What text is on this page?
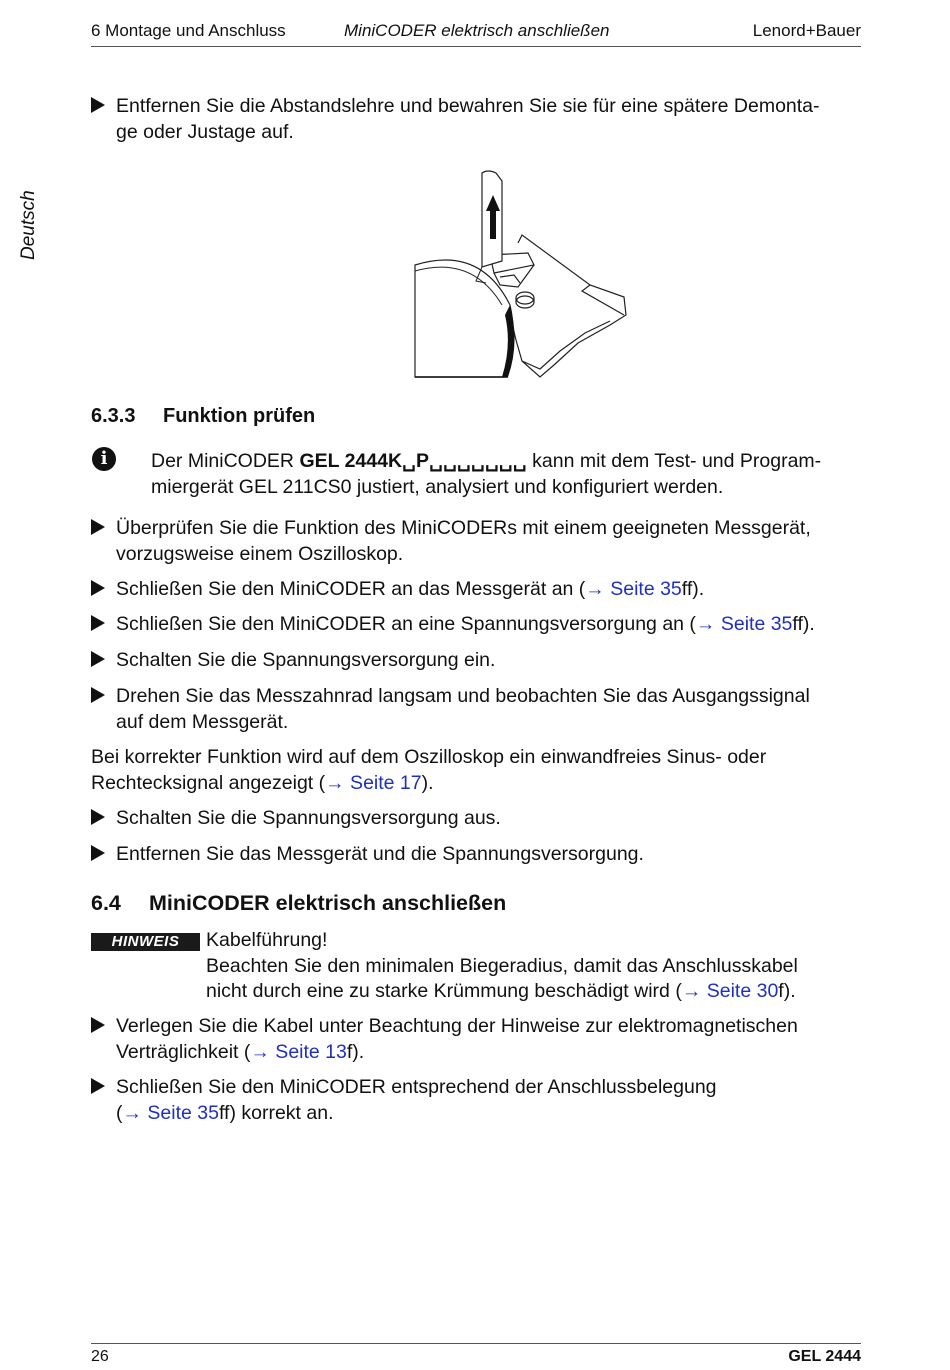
6 Montage und Anschluss	MiniCODER elektrisch anschließen	Lenord+Bauer
Deutsch
Entfernen Sie die Abstandslehre und bewahren Sie sie für eine spätere Demonta-
ge oder Justage auf.
6.3.3 Funktion prüfen
i	Der MiniCODER GEL 2444K␣P␣␣␣␣␣␣␣ kann mit dem Test- und Program-
miergerät GEL 211CS0 justiert, analysiert und konfiguriert werden.
Überprüfen Sie die Funktion des MiniCODERs mit einem geeigneten Messgerät,
vorzugsweise einem Oszilloskop.
Schließen Sie den MiniCODER an das Messgerät an (→ Seite 35ff).
Schließen Sie den MiniCODER an eine Spannungsversorgung an (→ Seite 35ff).
Schalten Sie die Spannungsversorgung ein.
Drehen Sie das Messzahnrad langsam und beobachten Sie das Ausgangssignal
auf dem Messgerät.
Bei korrekter Funktion wird auf dem Oszilloskop ein einwandfreies Sinus- oder
Rechtecksignal angezeigt (→ Seite 17).
Schalten Sie die Spannungsversorgung aus.
Entfernen Sie das Messgerät und die Spannungsversorgung.
6.4 MiniCODER elektrisch anschließen
HINWEIS	Kabelführung!
Beachten Sie den minimalen Biegeradius, damit das Anschlusskabel
nicht durch eine zu starke Krümmung beschädigt wird (→ Seite 30f).
Verlegen Sie die Kabel unter Beachtung der Hinweise zur elektromagnetischen
Verträglichkeit (→ Seite 13f).
Schließen Sie den MiniCODER entsprechend der Anschlussbelegung
(→ Seite 35ff) korrekt an.
26	GEL 2444
